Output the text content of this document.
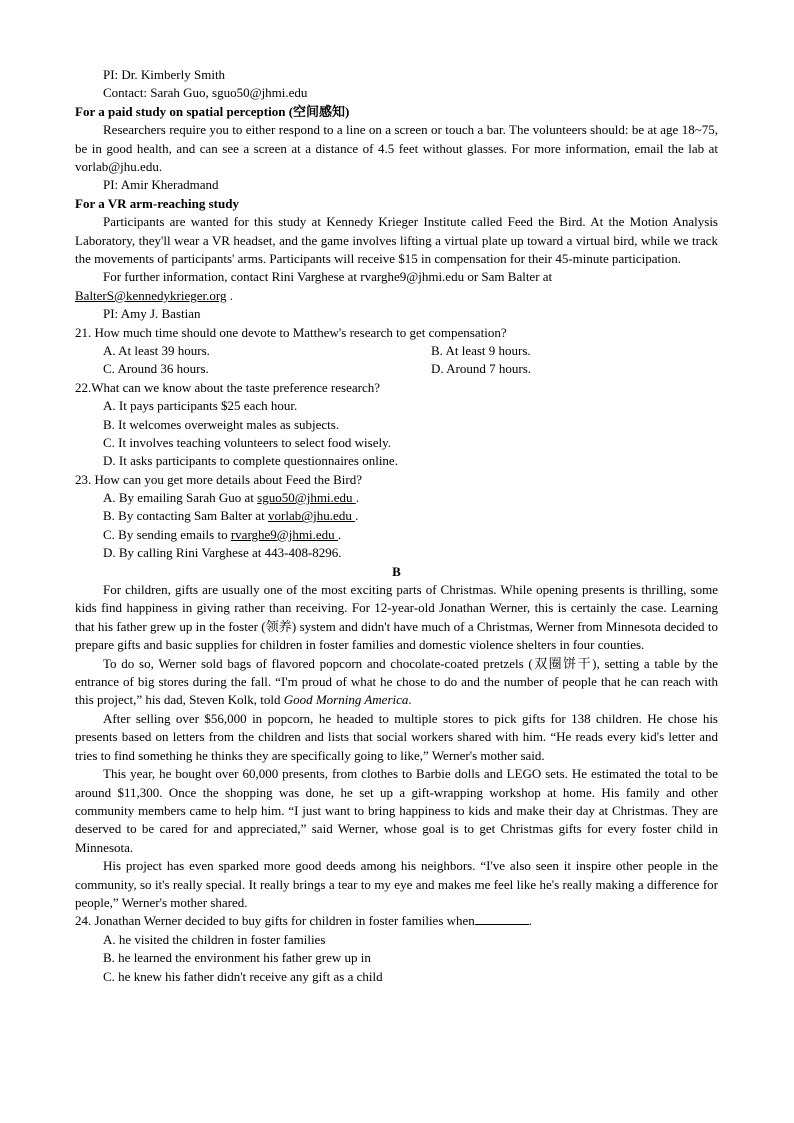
PI: Dr. Kimberly Smith
Contact: Sarah Guo, sguo50@jhmi.edu
For a paid study on spatial perception (空间感知)

Researchers require you to either respond to a line on a screen or touch a bar. The volunteers should: be at age 18~75, be in good health, and can see a screen at a distance of 4.5 feet without glasses. For more information, email the lab at vorlab@jhu.edu.

PI: Amir Kheradmand
For a VR arm-reaching study

Participants are wanted for this study at Kennedy Krieger Institute called Feed the Bird. At the Motion Analysis Laboratory, they'll wear a VR headset, and the game involves lifting a virtual plate up toward a virtual bird, while we track the movements of participants' arms. Participants will receive $15 in compensation for their 45-minute participation.

For further information, contact Rini Varghese at rvarghe9@jhmi.edu or Sam Balter at
BalterS@kennedykrieger.org .
PI: Amy J. Bastian
21. How much time should one devote to Matthew's research to get compensation?
A. At least 39 hours.	B. At least 9 hours.
C. Around 36 hours.	D. Around 7 hours.
22.What can we know about the taste preference research?
A. It pays participants $25 each hour.
B. It welcomes overweight males as subjects.
C. It involves teaching volunteers to select food wisely.
D. It asks participants to complete questionnaires online.
23. How can you get more details about Feed the Bird?
A. By emailing Sarah Guo at sguo50@jhmi.edu .
B. By contacting Sam Balter at vorlab@jhu.edu .
C. By sending emails to rvarghe9@jhmi.edu .
D. By calling Rini Varghese at 443-408-8296.
B

For children, gifts are usually one of the most exciting parts of Christmas. While opening presents is thrilling, some kids find happiness in giving rather than receiving. For 12-year-old Jonathan Werner, this is certainly the case. Learning that his father grew up in the foster (领养) system and didn't have much of a Christmas, Werner from Minnesota decided to prepare gifts and basic supplies for children in foster families and domestic violence shelters in four counties.

To do so, Werner sold bags of flavored popcorn and chocolate-coated pretzels (双圈饼干), setting a table by the entrance of big stores during the fall. “I'm proud of what he chose to do and the number of people that he can reach with this project,” his dad, Steven Kolk, told Good Morning America.

After selling over $56,000 in popcorn, he headed to multiple stores to pick gifts for 138 children. He chose his presents based on letters from the children and lists that social workers shared with him. “He reads every kid's letter and tries to find something he thinks they are specifically going to like,” Werner's mother said.

This year, he bought over 60,000 presents, from clothes to Barbie dolls and LEGO sets. He estimated the total to be around $11,300. Once the shopping was done, he set up a gift-wrapping workshop at home. His family and other community members came to help him. “I just want to bring happiness to kids and make their day at Christmas. They are deserved to be cared for and appreciated,” said Werner, whose goal is to get Christmas gifts for every foster child in Minnesota.

His project has even sparked more good deeds among his neighbors. “I've also seen it inspire other people in the community, so it's really special. It really brings a tear to my eye and makes me feel like he's really making a difference for people,” Werner's mother shared.

24. Jonathan Werner decided to buy gifts for children in foster families when	.
A. he visited the children in foster families
B. he learned the environment his father grew up in
C. he knew his father didn't receive any gift as a child
